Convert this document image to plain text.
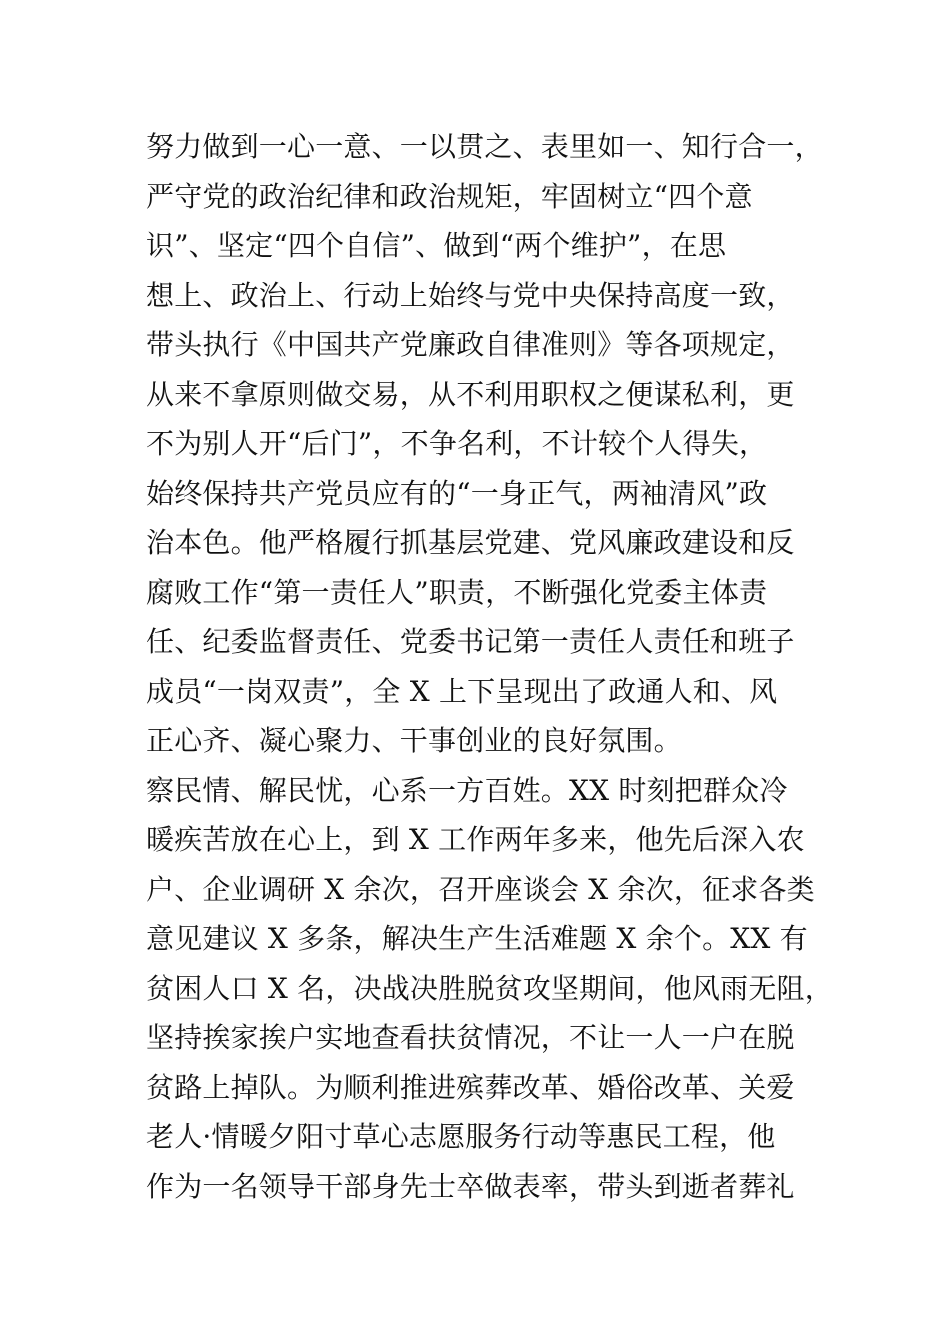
努力做到一心一意、一以贯之、表里如一、知行合一，
严守党的政治纪律和政治规矩，牢固树立“四个意
识”、坚定“四个自信”、做到“两个维护”，在思
想上、政治上、行动上始终与党中央保持高度一致，
带头执行《中国共产党廉政自律准则》等各项规定，
从来不拿原则做交易，从不利用职权之便谋私利，更
不为别人开“后门”，不争名利，不计较个人得失，
始终保持共产党员应有的“一身正气，两袖清风”政
治本色。他严格履行抓基层党建、党风廉政建设和反
腐败工作“第一责任人”职责，不断强化党委主体责
任、纪委监督责任、党委书记第一责任人责任和班子
成员“一岗双责”，全 X 上下呈现出了政通人和、风
正心齐、凝心聚力、干事创业的良好氛围。
察民情、解民忧，心系一方百姓。XX 时刻把群众冷
暖疾苦放在心上，到 X 工作两年多来，他先后深入农
户、企业调研 X 余次，召开座谈会 X 余次，征求各类
意见建议 X 多条，解决生产生活难题 X 余个。XX 有
贫困人口 X 名，决战决胜脱贫攻坚期间，他风雨无阻，
坚持挨家挨户实地查看扶贫情况，不让一人一户在脱
贫路上掉队。为顺利推进殡葬改革、婚俗改革、关爱
老人·情暖夕阳寸草心志愿服务行动等惠民工程，他
作为一名领导干部身先士卒做表率，带头到逝者葬礼
